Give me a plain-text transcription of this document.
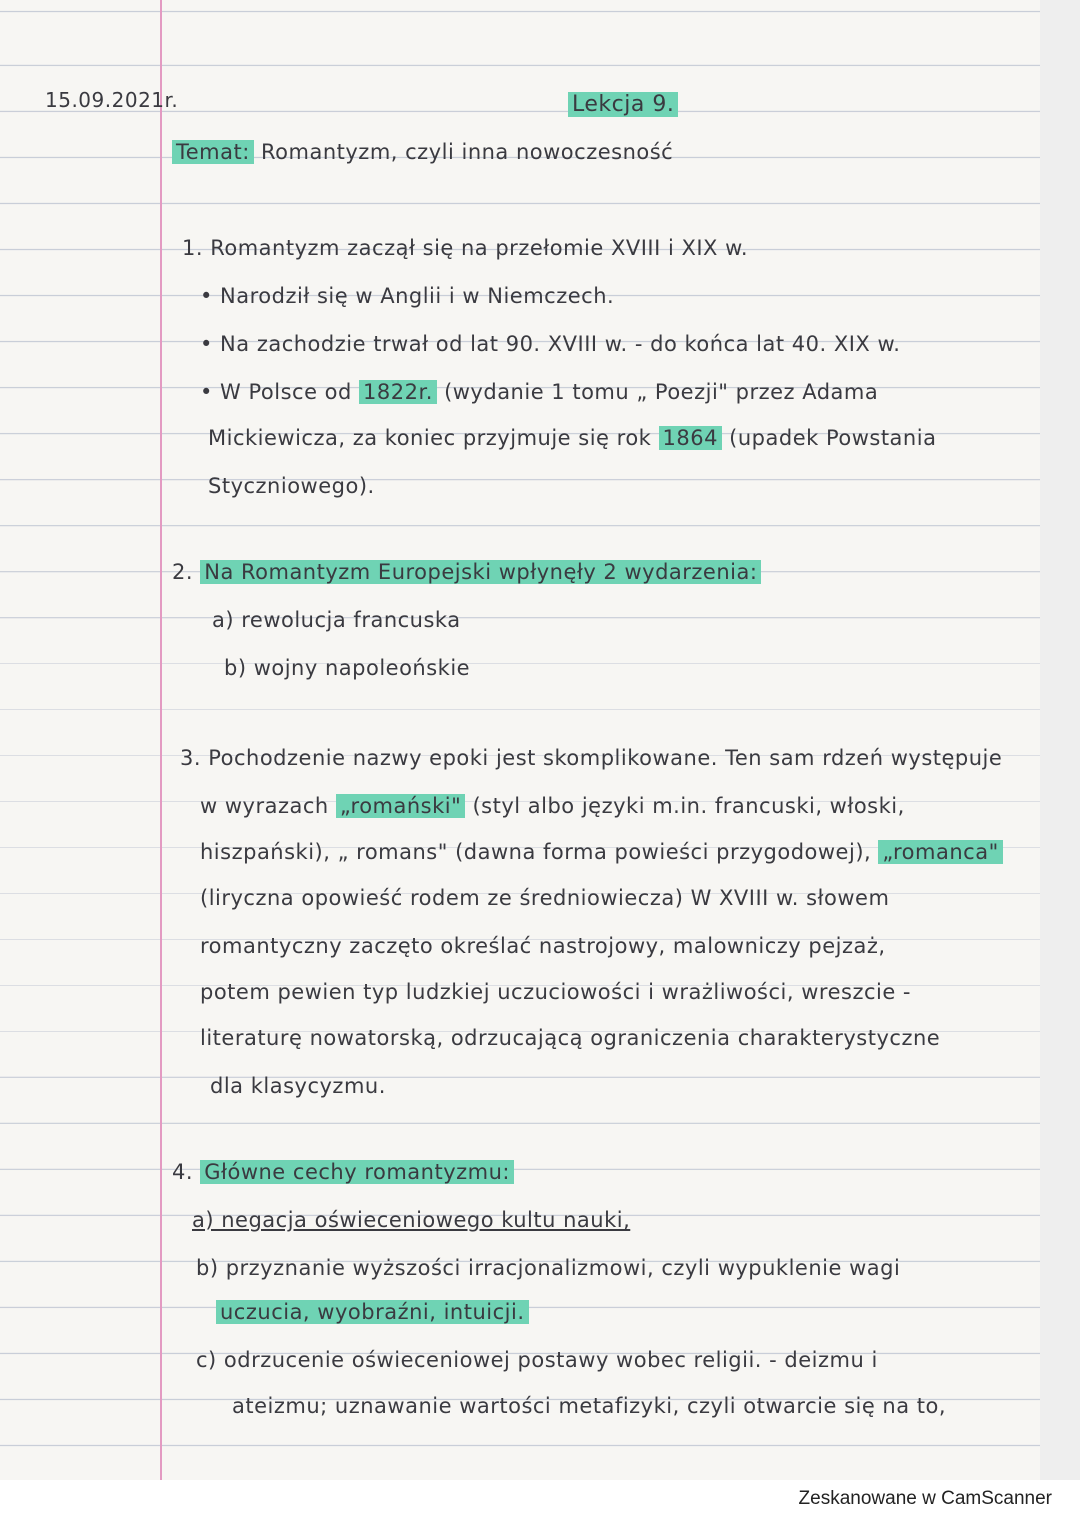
15.09.2021r.	Lekcja 9.
Temat: Romantyzm, czyli inna nowoczesność
1. Romantyzm zaczął się na przełomie XVIII i XIX w.
• Narodził się w Anglii i w Niemczech.
• Na zachodzie trwał od lat 90. XVIII w. - do końca lat 40. XIX w.
• W Polsce od 1822r. (wydanie 1 tomu „ Poezji" przez Adama
Mickiewicza, za koniec przyjmuje się rok 1864 (upadek Powstania
Styczniowego).
2. Na Romantyzm Europejski wpłynęły 2 wydarzenia:
a) rewolucja francuska
b) wojny napoleońskie
3. Pochodzenie nazwy epoki jest skomplikowane. Ten sam rdzeń występuje
w wyrazach „romański" (styl albo języki m.in. francuski, włoski,
hiszpański), „ romans" (dawna forma powieści przygodowej), „romanca"
(liryczna opowieść rodem ze średniowiecza) W XVIII w. słowem
romantyczny zaczęto określać nastrojowy, malowniczy pejzaż,
potem pewien typ ludzkiej uczuciowości i wrażliwości, wreszcie -
literaturę nowatorską, odrzucającą ograniczenia charakterystyczne
dla klasycyzmu.
4. Główne cechy romantyzmu:
a) negacja oświeceniowego kultu nauki,
b) przyznanie wyższości irracjonalizmowi, czyli wypuklenie wagi
uczucia, wyobraźni, intuicji.
c) odrzucenie oświeceniowej postawy wobec religii. - deizmu i
ateizmu; uznawanie wartości metafizyki, czyli otwarcie się na to,
Zeskanowane w CamScanner
